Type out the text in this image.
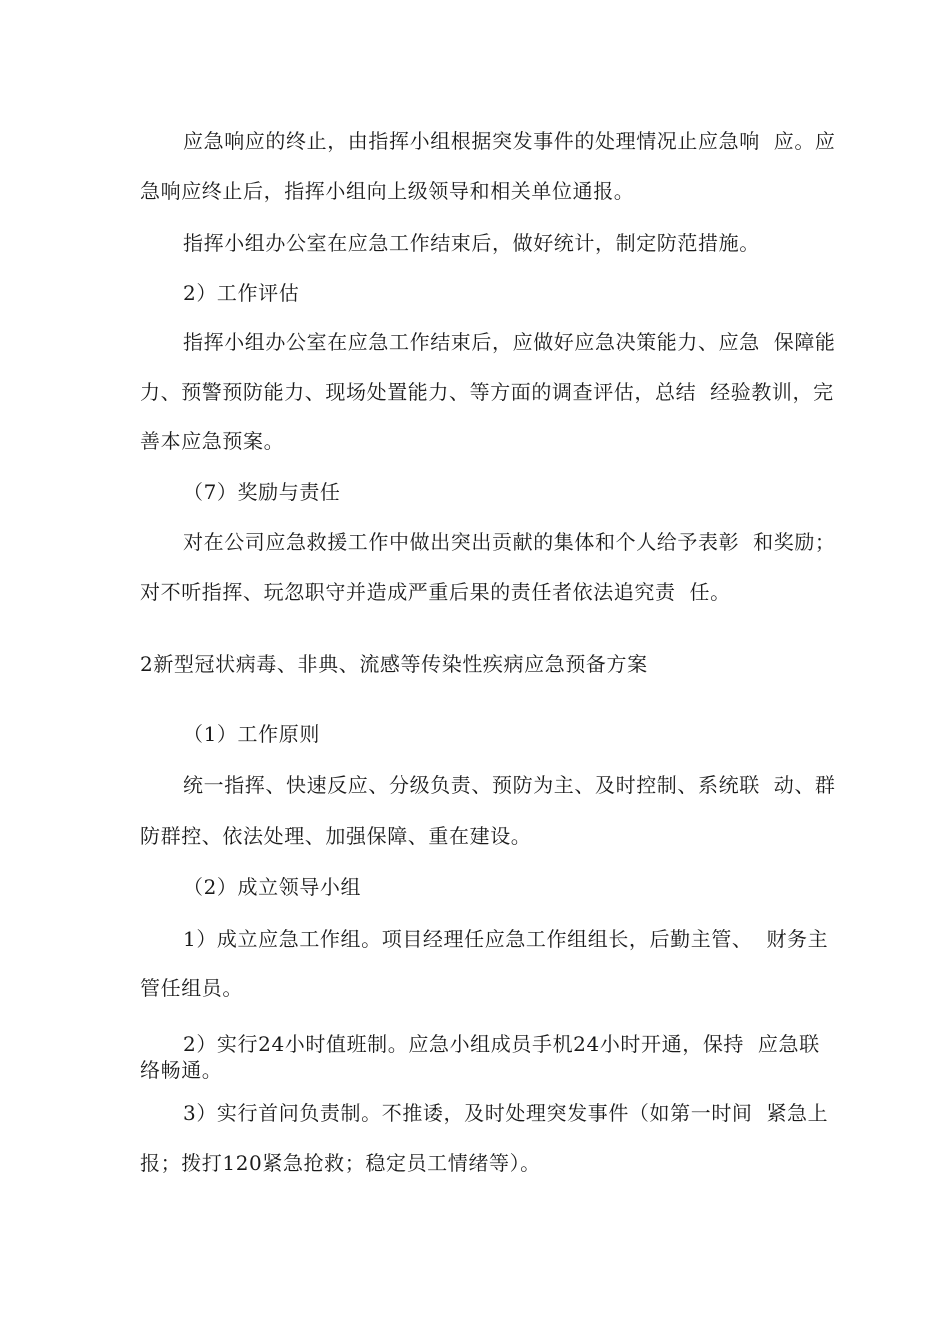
应急响应的终止，由指挥小组根据突发事件的处理情况止应急响  应。应
急响应终止后，指挥小组向上级领导和相关单位通报。
指挥小组办公室在应急工作结束后，做好统计，制定防范措施。
2）工作评估
指挥小组办公室在应急工作结束后，应做好应急决策能力、应急  保障能
力、预警预防能力、现场处置能力、等方面的调查评估，总结  经验教训，完
善本应急预案。
（7）奖励与责任
对在公司应急救援工作中做出突出贡献的集体和个人给予表彰  和奖励；
对不听指挥、玩忽职守并造成严重后果的责任者依法追究责  任。
2新型冠状病毒、非典、流感等传染性疾病应急预备方案
（1）工作原则
统一指挥、快速反应、分级负责、预防为主、及时控制、系统联  动、群
防群控、依法处理、加强保障、重在建设。
（2）成立领导小组
1）成立应急工作组。项目经理任应急工作组组长，后勤主管、  财务主
管任组员。
2）实行24小时值班制。应急小组成员手机24小时开通，保持  应急联
络畅通。
3）实行首问负责制。不推诿，及时处理突发事件（如第一时间  紧急上
报；拨打120紧急抢救；稳定员工情绪等）。
